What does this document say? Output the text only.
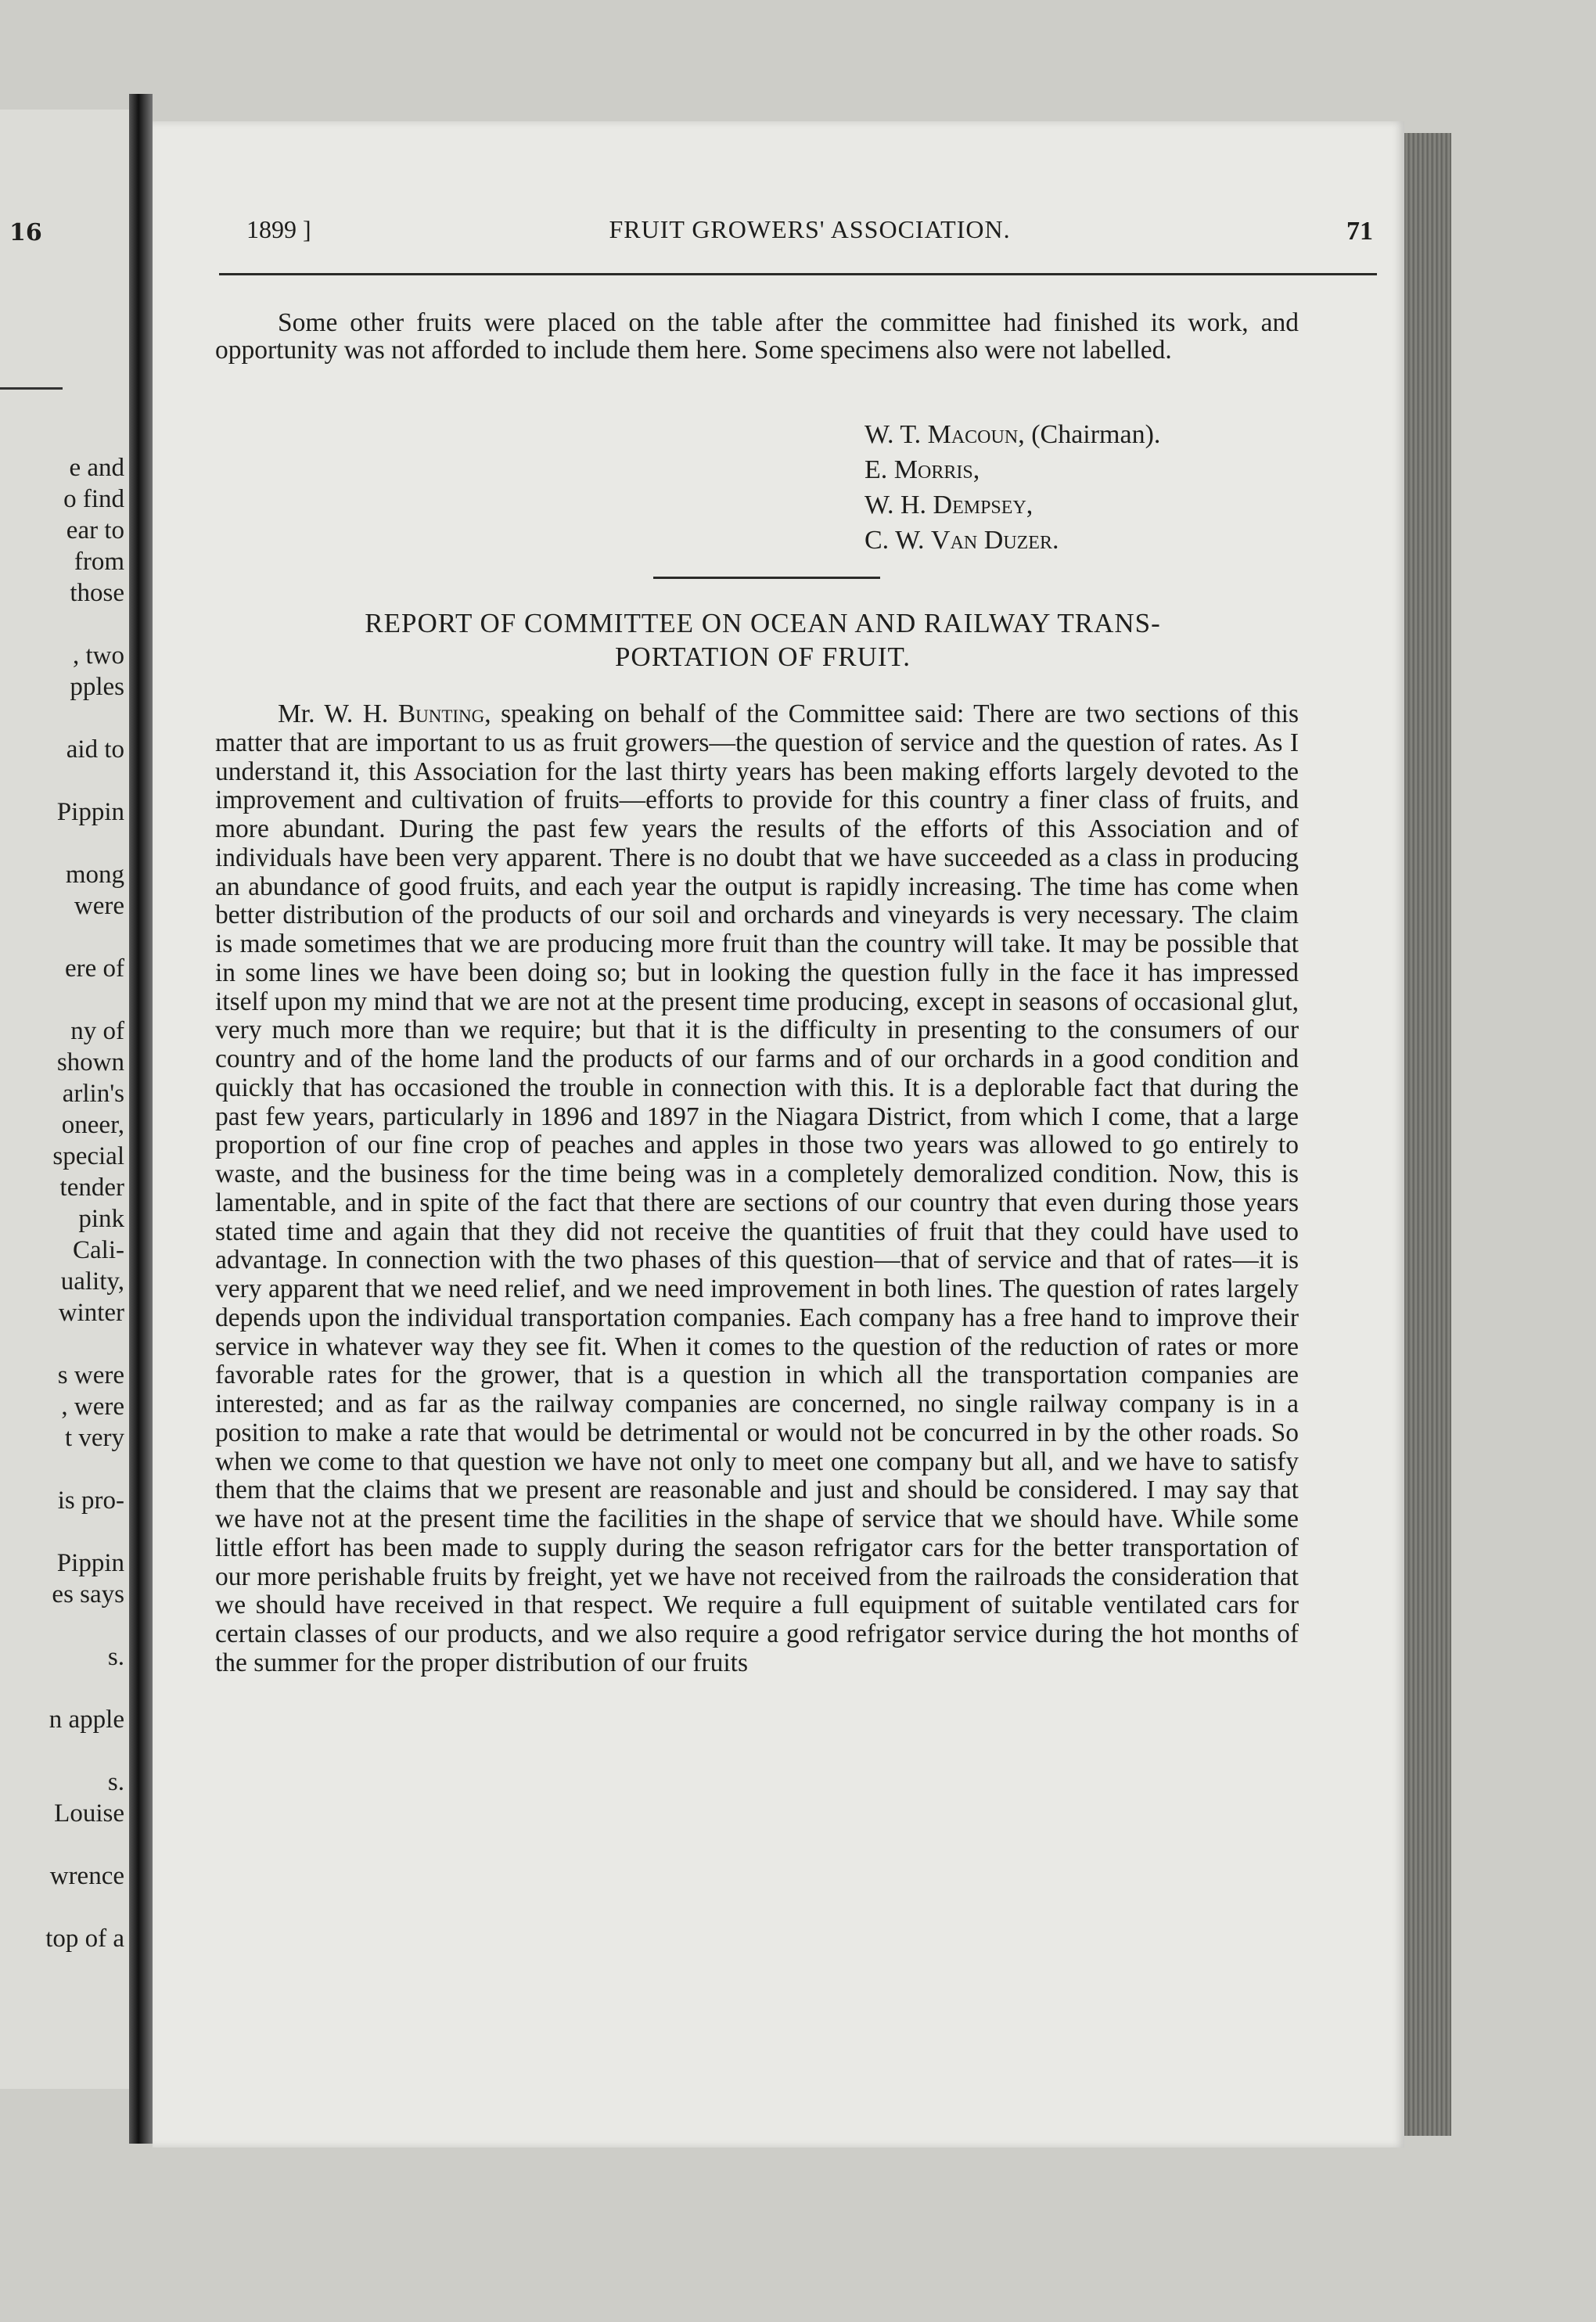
16
e and
o find
ear to
from
those
, two
pples
aid to
Pippin
mong
were
ere of
ny of
shown
arlin's
oneer,
special
tender
pink
Cali-
uality,
winter
s were
, were
t very
is pro-
Pippin
es says
s.
n apple
s.
Louise
wrence
top of a
1899 ]	FRUIT GROWERS' ASSOCIATION.	71

Some other fruits were placed on the table after the committee had finished its work, and opportunity was not afforded to include them here. Some specimens also were not labelled.

W. T. Macoun, (Chairman).
E. Morris,
W. H. Dempsey,
C. W. Van Duzer.
REPORT OF COMMITTEE ON OCEAN AND RAILWAY TRANS-
PORTATION OF FRUIT.

Mr. W. H. Bunting, speaking on behalf of the Committee said: There are two sections of this matter that are important to us as fruit growers—the question of service and the question of rates. As I understand it, this Association for the last thirty years has been making efforts largely devoted to the improvement and cultivation of fruits—efforts to provide for this country a finer class of fruits, and more abundant. During the past few years the results of the efforts of this Association and of individuals have been very apparent. There is no doubt that we have succeeded as a class in producing an abundance of good fruits, and each year the output is rapidly increasing. The time has come when better distribution of the products of our soil and orchards and vineyards is very necessary. The claim is made sometimes that we are producing more fruit than the country will take. It may be possible that in some lines we have been doing so; but in looking the question fully in the face it has impressed itself upon my mind that we are not at the present time producing, except in seasons of occasional glut, very much more than we require; but that it is the difficulty in presenting to the consumers of our country and of the home land the products of our farms and of our orchards in a good condition and quickly that has occasioned the trouble in connection with this. It is a deplorable fact that during the past few years, particularly in 1896 and 1897 in the Niagara District, from which I come, that a large proportion of our fine crop of peaches and apples in those two years was allowed to go entirely to waste, and the business for the time being was in a completely demoralized condition. Now, this is lamentable, and in spite of the fact that there are sections of our country that even during those years stated time and again that they did not receive the quantities of fruit that they could have used to advantage. In connection with the two phases of this question—that of service and that of rates—it is very apparent that we need relief, and we need improvement in both lines. The question of rates largely depends upon the individual transportation companies. Each company has a free hand to improve their service in whatever way they see fit. When it comes to the question of the reduction of rates or more favorable rates for the grower, that is a question in which all the transportation companies are interested; and as far as the railway companies are concerned, no single railway company is in a position to make a rate that would be detrimental or would not be concurred in by the other roads. So when we come to that question we have not only to meet one company but all, and we have to satisfy them that the claims that we present are reasonable and just and should be considered. I may say that we have not at the present time the facilities in the shape of service that we should have. While some little effort has been made to supply during the season refrigator cars for the better transportation of our more perishable fruits by freight, yet we have not received from the railroads the consideration that we should have received in that respect. We require a full equipment of suitable ventilated cars for certain classes of our products, and we also require a good refrigator service during the hot months of the summer for the proper distribution of our fruits
